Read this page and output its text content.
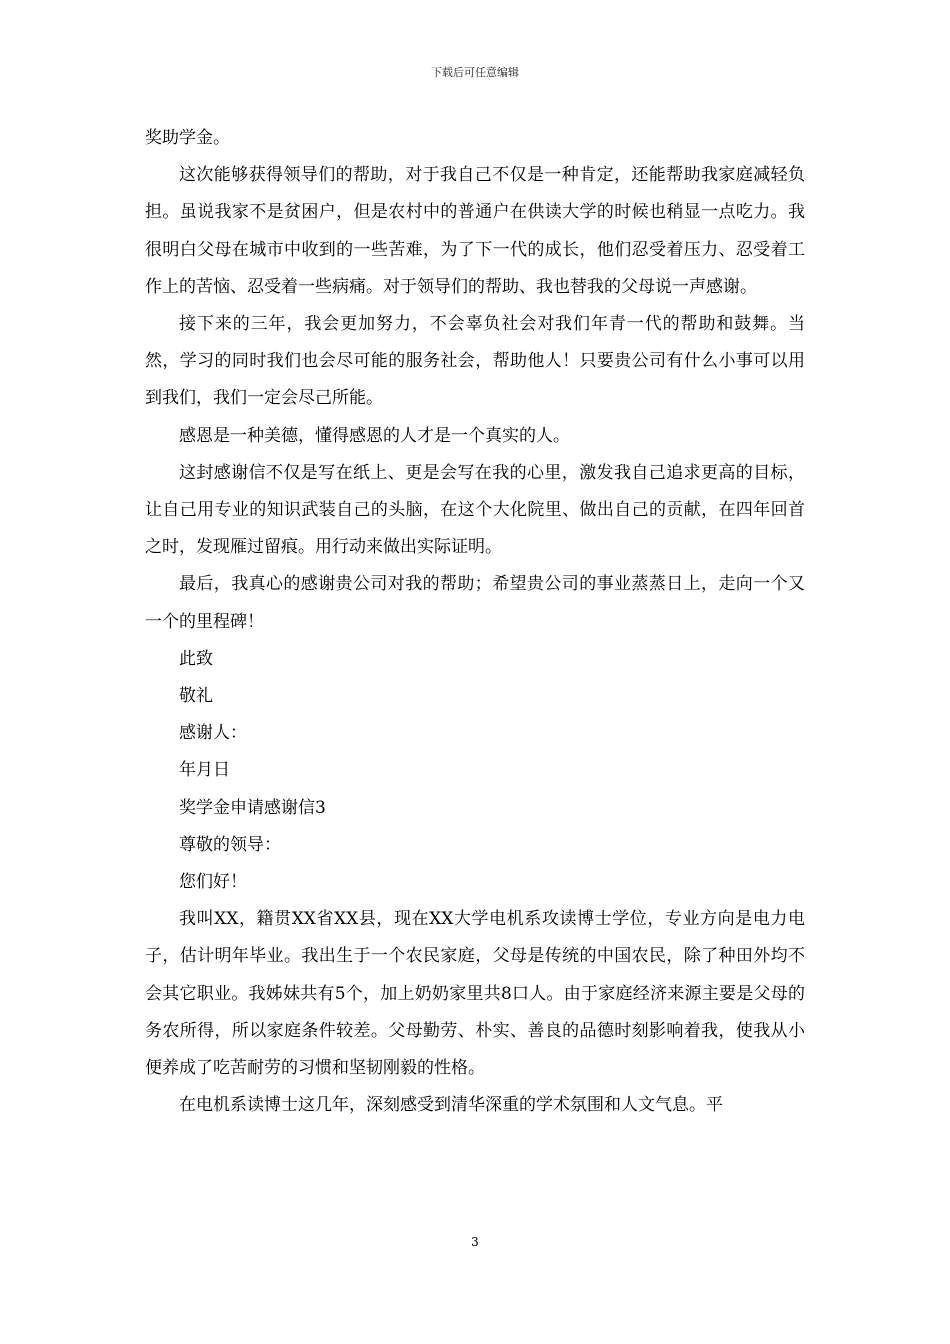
下载后可任意编辑

奖助学金。

这次能够获得领导们的帮助，对于我自己不仅是一种肯定，还能帮助我家庭减轻负担。虽说我家不是贫困户，但是农村中的普通户在供读大学的时候也稍显一点吃力。我很明白父母在城市中收到的一些苦难，为了下一代的成长，他们忍受着压力、忍受着工作上的苦恼、忍受着一些病痛。对于领导们的帮助、我也替我的父母说一声感谢。

接下来的三年，我会更加努力，不会辜负社会对我们年青一代的帮助和鼓舞。当然，学习的同时我们也会尽可能的服务社会，帮助他人！只要贵公司有什么小事可以用到我们，我们一定会尽己所能。

感恩是一种美德，懂得感恩的人才是一个真实的人。

这封感谢信不仅是写在纸上、更是会写在我的心里，激发我自己追求更高的目标，让自己用专业的知识武装自己的头脑，在这个大化院里、做出自己的贡献，在四年回首之时，发现雁过留痕。用行动来做出实际证明。

最后，我真心的感谢贵公司对我的帮助；希望贵公司的事业蒸蒸日上，走向一个又一个的里程碑！

此致

敬礼

感谢人：

年月日

奖学金申请感谢信3

尊敬的领导：

您们好！

我叫XX，籍贯XX省XX县，现在XX大学电机系攻读博士学位，专业方向是电力电子，估计明年毕业。我出生于一个农民家庭，父母是传统的中国农民，除了种田外均不会其它职业。我姊妹共有5个，加上奶奶家里共8口人。由于家庭经济来源主要是父母的务农所得，所以家庭条件较差。父母勤劳、朴实、善良的品德时刻影响着我，使我从小便养成了吃苦耐劳的习惯和坚韧刚毅的性格。

在电机系读博士这几年，深刻感受到清华深重的学术氛围和人文气息。平

3
